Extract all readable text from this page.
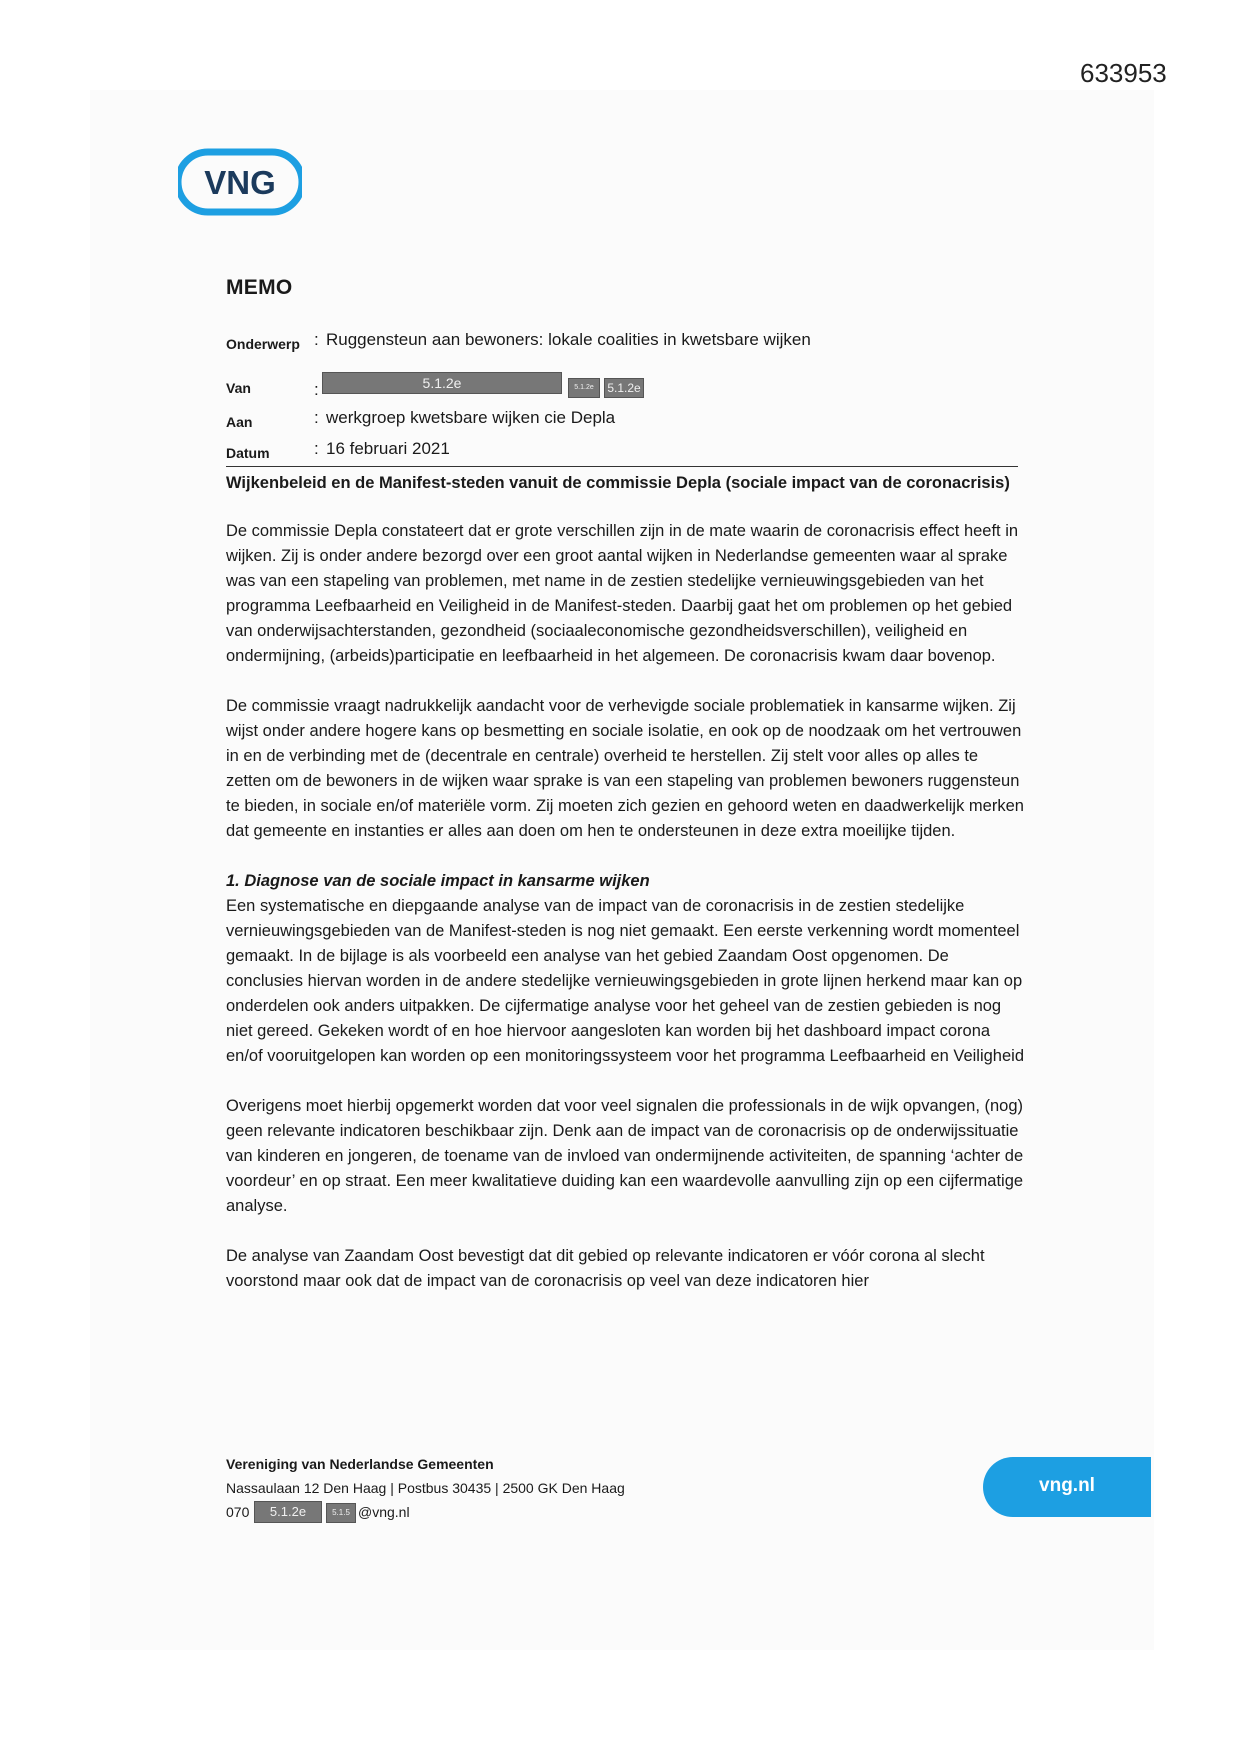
633953
VNG
MEMO
Onderwerp : Ruggensteun aan bewoners: lokale coalities in kwetsbare wijken
Van	:	5.1.2e	5.1.2e	5.1.2e
Aan	: werkgroep kwetsbare wijken cie Depla
Datum	: 16 februari 2021
Wijkenbeleid en de Manifest-steden vanuit de commissie Depla (sociale impact van de coronacrisis)

De commissie Depla constateert dat er grote verschillen zijn in de mate waarin de coronacrisis effect heeft in wijken. Zij is onder andere bezorgd over een groot aantal wijken in Nederlandse gemeenten waar al sprake was van een stapeling van problemen, met name in de zestien stedelijke vernieuwingsgebieden van het programma Leefbaarheid en Veiligheid in de Manifest-steden. Daarbij gaat het om problemen op het gebied van onderwijsachterstanden, gezondheid (sociaaleconomische gezondheidsverschillen), veiligheid en ondermijning, (arbeids)participatie en leefbaarheid in het algemeen. De coronacrisis kwam daar bovenop.

De commissie vraagt nadrukkelijk aandacht voor de verhevigde sociale problematiek in kansarme wijken. Zij wijst onder andere hogere kans op besmetting en sociale isolatie, en ook op de noodzaak om het vertrouwen in en de verbinding met de (decentrale en centrale) overheid te herstellen. Zij stelt voor alles op alles te zetten om de bewoners in de wijken waar sprake is van een stapeling van problemen bewoners ruggensteun te bieden, in sociale en/of materiële vorm. Zij moeten zich gezien en gehoord weten en daadwerkelijk merken dat gemeente en instanties er alles aan doen om hen te ondersteunen in deze extra moeilijke tijden.

1. Diagnose van de sociale impact in kansarme wijken

Een systematische en diepgaande analyse van de impact van de coronacrisis in de zestien stedelijke vernieuwingsgebieden van de Manifest-steden is nog niet gemaakt. Een eerste verkenning wordt momenteel gemaakt. In de bijlage is als voorbeeld een analyse van het gebied Zaandam Oost opgenomen. De conclusies hiervan worden in de andere stedelijke vernieuwingsgebieden in grote lijnen herkend maar kan op onderdelen ook anders uitpakken. De cijfermatige analyse voor het geheel van de zestien gebieden is nog niet gereed. Gekeken wordt of en hoe hiervoor aangesloten kan worden bij het dashboard impact corona en/of vooruitgelopen kan worden op een monitoringssysteem voor het programma Leefbaarheid en Veiligheid

Overigens moet hierbij opgemerkt worden dat voor veel signalen die professionals in de wijk opvangen, (nog) geen relevante indicatoren beschikbaar zijn. Denk aan de impact van de coronacrisis op de onderwijssituatie van kinderen en jongeren, de toename van de invloed van ondermijnende activiteiten, de spanning ‘achter de voordeur’ en op straat. Een meer kwalitatieve duiding kan een waardevolle aanvulling zijn op een cijfermatige analyse.

De analyse van Zaandam Oost bevestigt dat dit gebied op relevante indicatoren er vóór corona al slecht voorstond maar ook dat de impact van de coronacrisis op veel van deze indicatoren hier

Vereniging van Nederlandse Gemeenten
Nassaulaan 12 Den Haag | Postbus 30435 | 2500 GK Den Haag
070	5.1.2e	5.1.5 @vng.nl
vng.nl
